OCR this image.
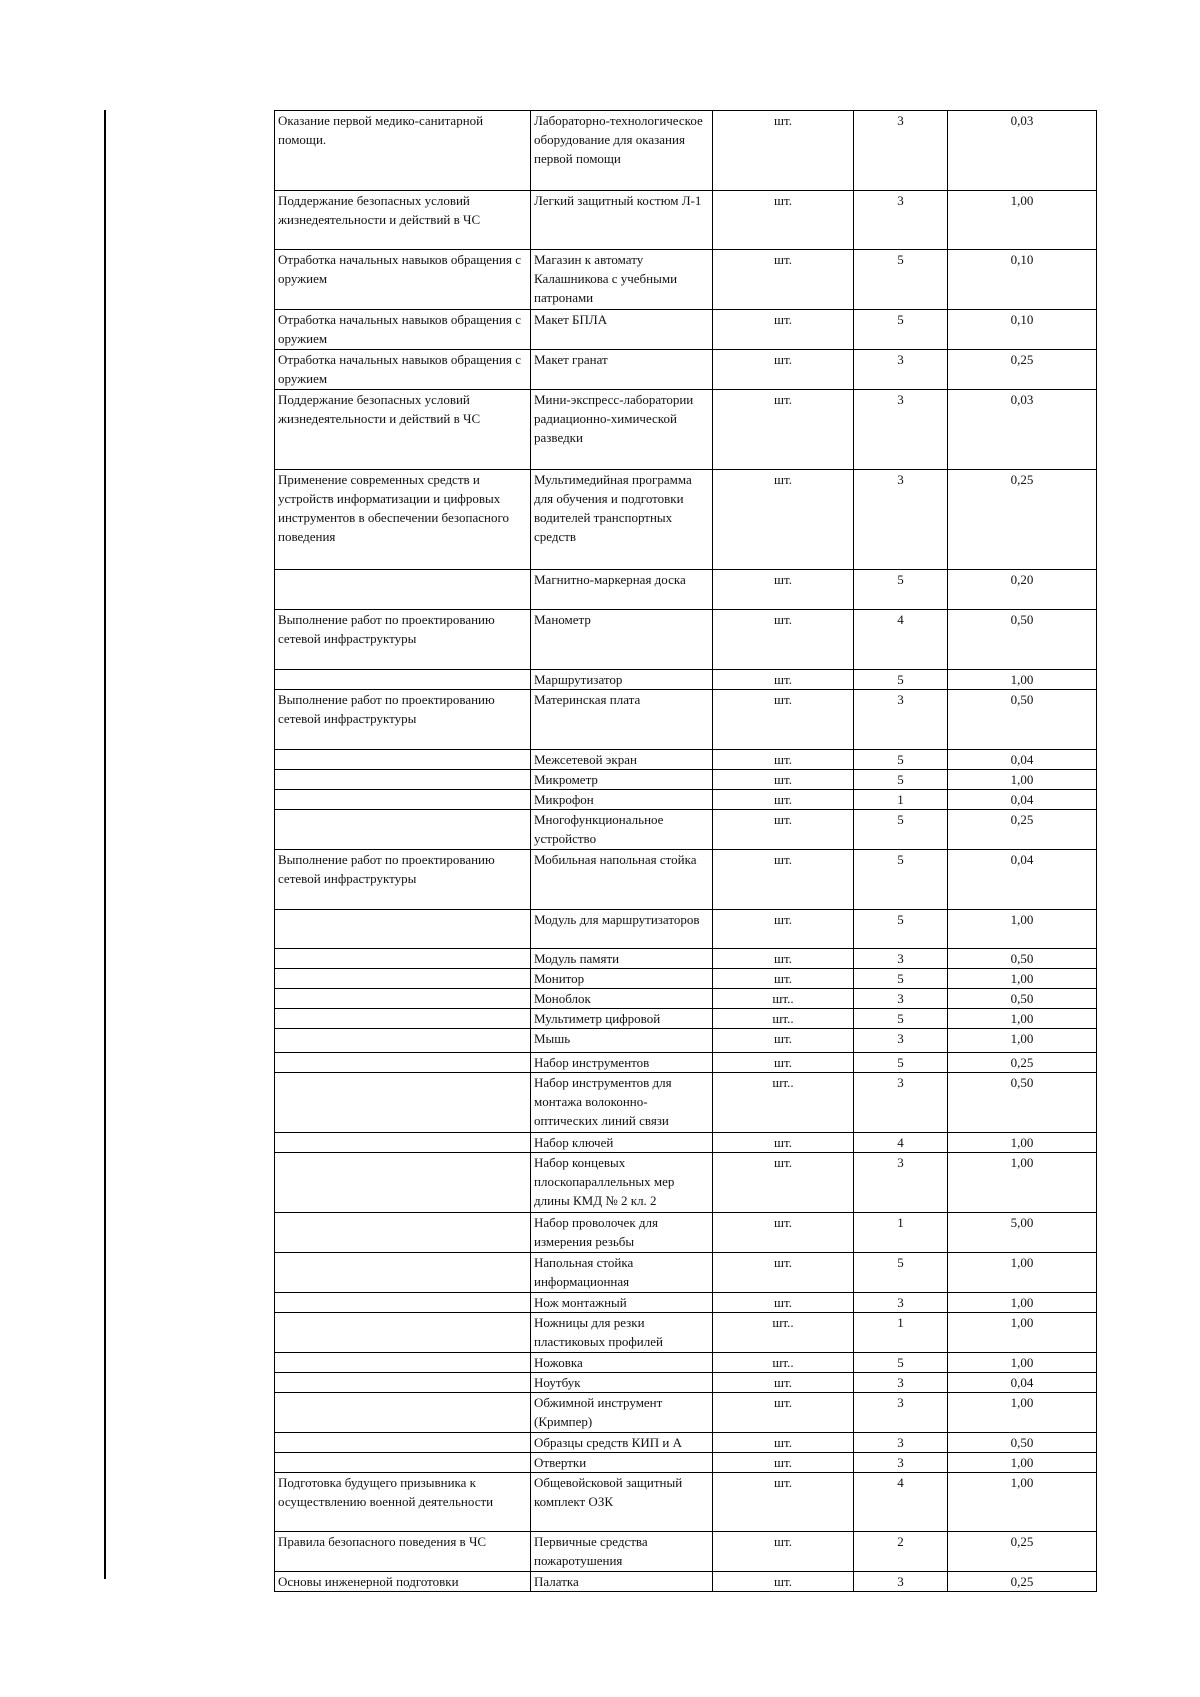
Оказание первой медико-санитарной помощи.	Лабораторно-технологическое оборудование для оказания первой помощи	шт.	3	0,03
Поддержание безопасных условий жизнедеятельности и действий в ЧС	Легкий защитный костюм Л-1	шт.	3	1,00
Отработка начальных навыков обращения с оружием	Магазин к автомату Калашникова с учебными патронами	шт.	5	0,10
Отработка начальных навыков обращения с оружием	Макет БПЛА	шт.	5	0,10
Отработка начальных навыков обращения с оружием	Макет гранат	шт.	3	0,25
Поддержание безопасных условий жизнедеятельности и действий в ЧС	Мини-экспресс-лаборатории радиационно-химической разведки	шт.	3	0,03
Применение современных средств и устройств информатизации и цифровых инструментов в обеспечении безопасного поведения	Мультимедийная программа для обучения и подготовки водителей транспортных средств	шт.	3	0,25
	Магнитно-маркерная доска	шт.	5	0,20
Выполнение работ по проектированию сетевой инфраструктуры	Манометр	шт.	4	0,50
	Маршрутизатор	шт.	5	1,00
Выполнение работ по проектированию сетевой инфраструктуры	Материнская плата	шт.	3	0,50
	Межсетевой экран	шт.	5	0,04
	Микрометр	шт.	5	1,00
	Микрофон	шт.	1	0,04
	Многофункциональное устройство	шт.	5	0,25
Выполнение работ по проектированию сетевой инфраструктуры	Мобильная напольная стойка	шт.	5	0,04
	Модуль для маршрутизаторов	шт.	5	1,00
	Модуль памяти	шт.	3	0,50
	Монитор	шт.	5	1,00
	Моноблок	шт..	3	0,50
	Мультиметр цифровой	шт..	5	1,00
	Мышь	шт.	3	1,00
	Набор инструментов	шт.	5	0,25
	Набор инструментов для монтажа волоконно-оптических линий связи	шт..	3	0,50
	Набор ключей	шт.	4	1,00
	Набор концевых плоскопараллельных мер длины КМД № 2 кл. 2	шт.	3	1,00
	Набор проволочек для измерения резьбы	шт.	1	5,00
	Напольная стойка информационная	шт.	5	1,00
	Нож монтажный	шт.	3	1,00
	Ножницы для резки пластиковых профилей	шт..	1	1,00
	Ножовка	шт..	5	1,00
	Ноутбук	шт.	3	0,04
	Обжимной инструмент (Кримпер)	шт.	3	1,00
	Образцы средств КИП и А	шт.	3	0,50
	Отвертки	шт.	3	1,00
Подготовка будущего призывника к осуществлению военной деятельности	Общевойсковой защитный комплект ОЗК	шт.	4	1,00
Правила безопасного поведения в ЧС	Первичные средства пожаротушения	шт.	2	0,25
Основы инженерной подготовки	Палатка	шт.	3	0,25
